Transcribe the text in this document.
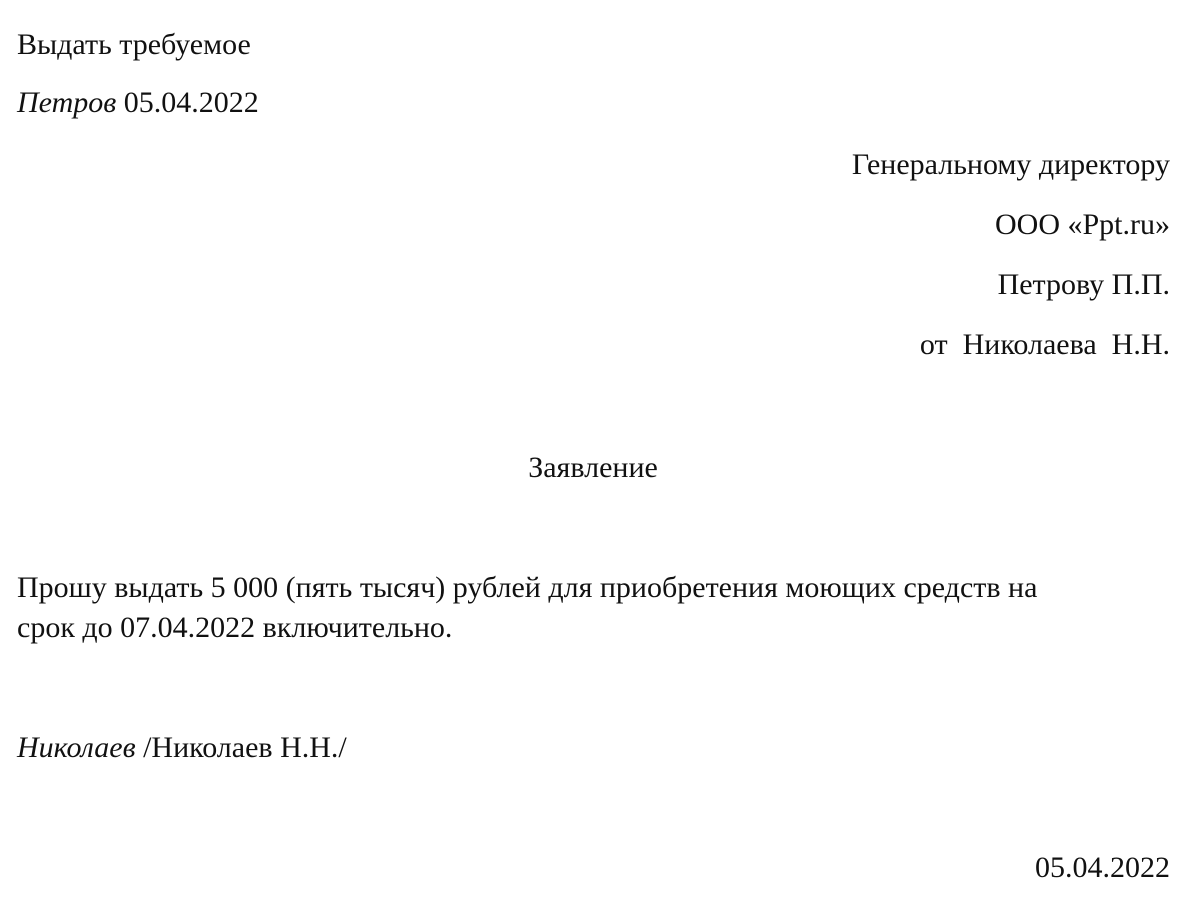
Выдать требуемое
Петров 05.04.2022
Генеральному директору
ООО «Ppt.ru»
Петрову П.П.
от Николаева  Н.Н.
Заявление
Прошу выдать 5 000 (пять тысяч) рублей для приобретения моющих средств на
срок до 07.04.2022 включительно.
Николаев /Николаев Н.Н./
05.04.2022
